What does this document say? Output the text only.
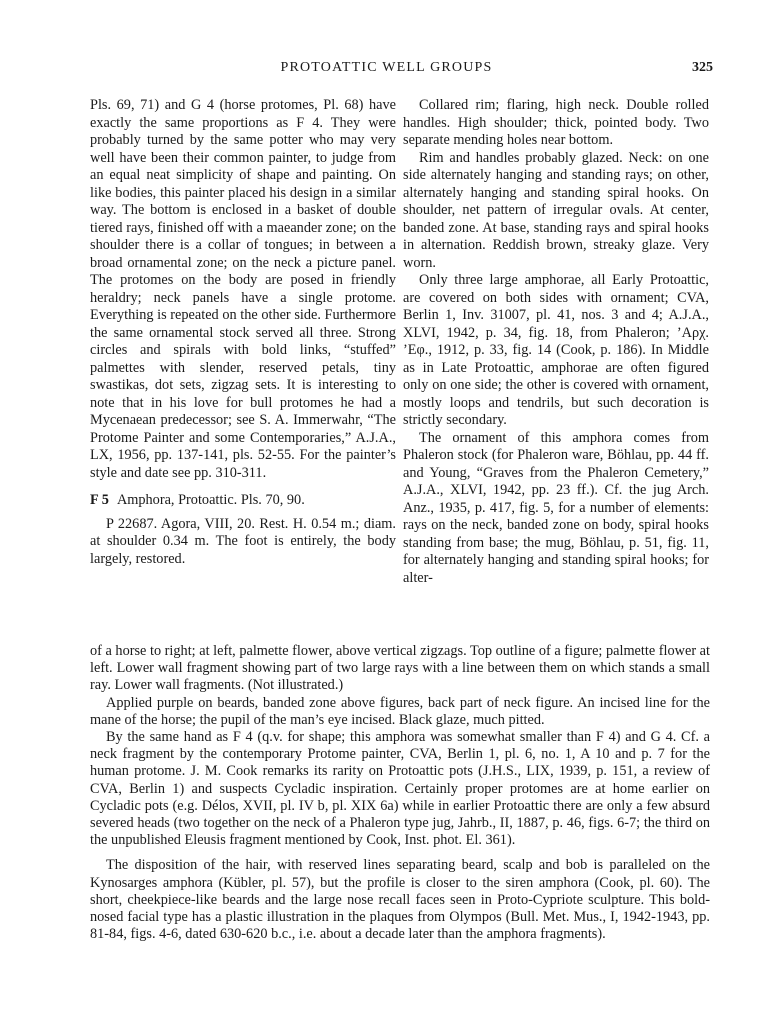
PROTOATTIC WELL GROUPS	325

Pls. 69, 71) and G 4 (horse protomes, Pl. 68) have exactly the same proportions as F 4. They were probably turned by the same potter who may very well have been their common painter, to judge from an equal neat simplicity of shape and painting. On like bodies, this painter placed his design in a similar way. The bottom is enclosed in a basket of double tiered rays, finished off with a maeander zone; on the shoulder there is a collar of tongues; in between a broad ornamental zone; on the neck a picture panel. The protomes on the body are posed in friendly heraldry; neck panels have a single protome. Everything is repeated on the other side. Furthermore the same ornamental stock served all three. Strong circles and spirals with bold links, “stuffed” palmettes with slender, reserved petals, tiny swastikas, dot sets, zigzag sets. It is interesting to note that in his love for bull protomes he had a Mycenaean predecessor; see S. A. Immerwahr, “The Protome Painter and some Contemporaries,” A.J.A., LX, 1956, pp. 137-141, pls. 52-55. For the painter’s style and date see pp. 310-311.

F 5 Amphora, Protoattic. Pls. 70, 90.

P 22687. Agora, VIII, 20. Rest. H. 0.54 m.; diam. at shoulder 0.34 m. The foot is entirely, the body largely, restored.

Collared rim; flaring, high neck. Double rolled handles. High shoulder; thick, pointed body. Two separate mending holes near bottom.

Rim and handles probably glazed. Neck: on one side alternately hanging and standing rays; on other, alternately hanging and standing spiral hooks. On shoulder, net pattern of irregular ovals. At center, banded zone. At base, standing rays and spiral hooks in alternation. Reddish brown, streaky glaze. Very worn.

Only three large amphorae, all Early Protoattic, are covered on both sides with ornament; CVA, Berlin 1, Inv. 31007, pl. 41, nos. 3 and 4; A.J.A., XLVI, 1942, p. 34, fig. 18, from Phaleron; ’Αρχ. ’Εφ., 1912, p. 33, fig. 14 (Cook, p. 186). In Middle as in Late Protoattic, amphorae are often figured only on one side; the other is covered with ornament, mostly loops and tendrils, but such decoration is strictly secondary.

The ornament of this amphora comes from Phaleron stock (for Phaleron ware, Böhlau, pp. 44 ff. and Young, “Graves from the Phaleron Cemetery,” A.J.A., XLVI, 1942, pp. 23 ff.). Cf. the jug Arch. Anz., 1935, p. 417, fig. 5, for a number of elements: rays on the neck, banded zone on body, spiral hooks standing from base; the mug, Böhlau, p. 51, fig. 11, for alternately hanging and standing spiral hooks; for alter-

of a horse to right; at left, palmette flower, above vertical zigzags. Top outline of a figure; palmette flower at left. Lower wall fragment showing part of two large rays with a line between them on which stands a small ray. Lower wall fragments. (Not illustrated.)

Applied purple on beards, banded zone above figures, back part of neck figure. An incised line for the mane of the horse; the pupil of the man’s eye incised. Black glaze, much pitted.

By the same hand as F 4 (q.v. for shape; this amphora was somewhat smaller than F 4) and G 4. Cf. a neck fragment by the contemporary Protome painter, CVA, Berlin 1, pl. 6, no. 1, A 10 and p. 7 for the human protome. J. M. Cook remarks its rarity on Protoattic pots (J.H.S., LIX, 1939, p. 151, a review of CVA, Berlin 1) and suspects Cycladic inspiration. Certainly proper protomes are at home earlier on Cycladic pots (e.g. Délos, XVII, pl. IV b, pl. XIX 6a) while in earlier Protoattic there are only a few absurd severed heads (two together on the neck of a Phaleron type jug, Jahrb., II, 1887, p. 46, figs. 6-7; the third on the unpublished Eleusis fragment mentioned by Cook, Inst. phot. El. 361).

The disposition of the hair, with reserved lines separating beard, scalp and bob is paralleled on the Kynosarges amphora (Kübler, pl. 57), but the profile is closer to the siren amphora (Cook, pl. 60). The short, cheekpiece-like beards and the large nose recall faces seen in Proto-Cypriote sculpture. This bold-nosed facial type has a plastic illustration in the plaques from Olympos (Bull. Met. Mus., I, 1942-1943, pp. 81-84, figs. 4-6, dated 630-620 b.c., i.e. about a decade later than the amphora fragments).
